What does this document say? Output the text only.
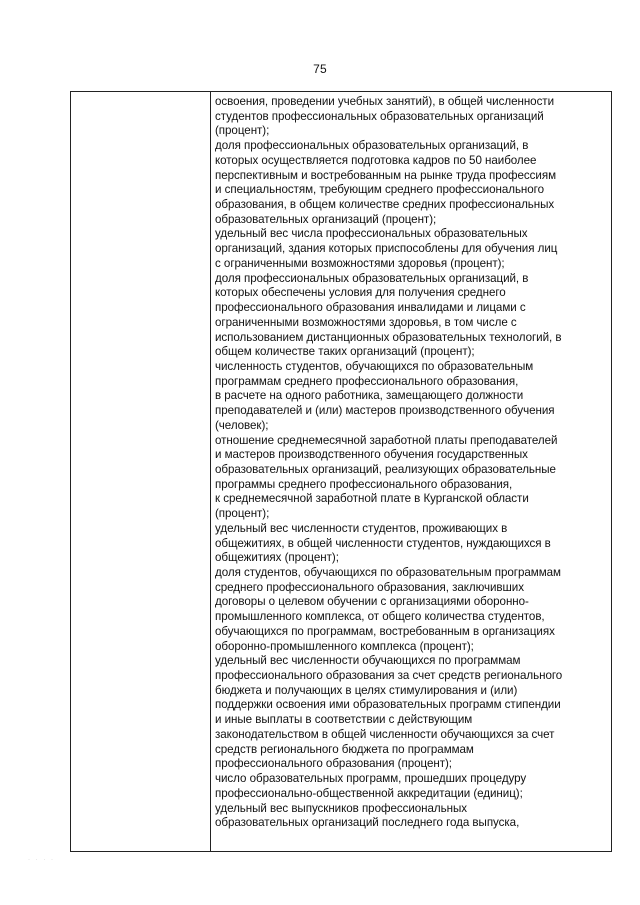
75
освоения, проведении учебных занятий), в общей численности
студентов профессиональных образовательных организаций
(процент);
доля профессиональных образовательных организаций, в
которых осуществляется подготовка кадров по 50 наиболее
перспективным и востребованным на рынке труда профессиям
и специальностям, требующим среднего профессионального
образования, в общем количестве средних профессиональных
образовательных организаций (процент);
удельный вес числа профессиональных образовательных
организаций, здания которых приспособлены для обучения лиц
с ограниченными возможностями здоровья (процент);
доля профессиональных образовательных организаций, в
которых обеспечены условия для получения среднего
профессионального образования инвалидами и лицами с
ограниченными возможностями здоровья, в том числе с
использованием дистанционных образовательных технологий, в
общем количестве таких организаций (процент);
численность студентов, обучающихся по образовательным
программам среднего профессионального образования,
в расчете на одного работника, замещающего должности
преподавателей и (или) мастеров производственного обучения
(человек);
отношение среднемесячной заработной платы преподавателей
и мастеров производственного обучения государственных
образовательных организаций, реализующих образовательные
программы среднего профессионального образования,
к среднемесячной заработной плате в Курганской области
(процент);
удельный вес численности студентов, проживающих в
общежитиях, в общей численности студентов, нуждающихся в
общежитиях (процент);
доля студентов, обучающихся по образовательным программам
среднего профессионального образования, заключивших
договоры о целевом обучении с организациями оборонно-
промышленного комплекса, от общего количества студентов,
обучающихся по программам, востребованным в организациях
оборонно-промышленного комплекса (процент);
удельный вес численности обучающихся по программам
профессионального образования за счет средств регионального
бюджета и получающих в целях стимулирования и (или)
поддержки освоения ими образовательных программ стипендии
и иные выплаты в соответствии с действующим
законодательством в общей численности обучающихся за счет
средств регионального бюджета по программам
профессионального образования (процент);
число образовательных программ, прошедших процедуру
профессионально-общественной аккредитации (единиц);
удельный вес выпускников профессиональных
образовательных организаций последнего года выпуска,
· · · ·
